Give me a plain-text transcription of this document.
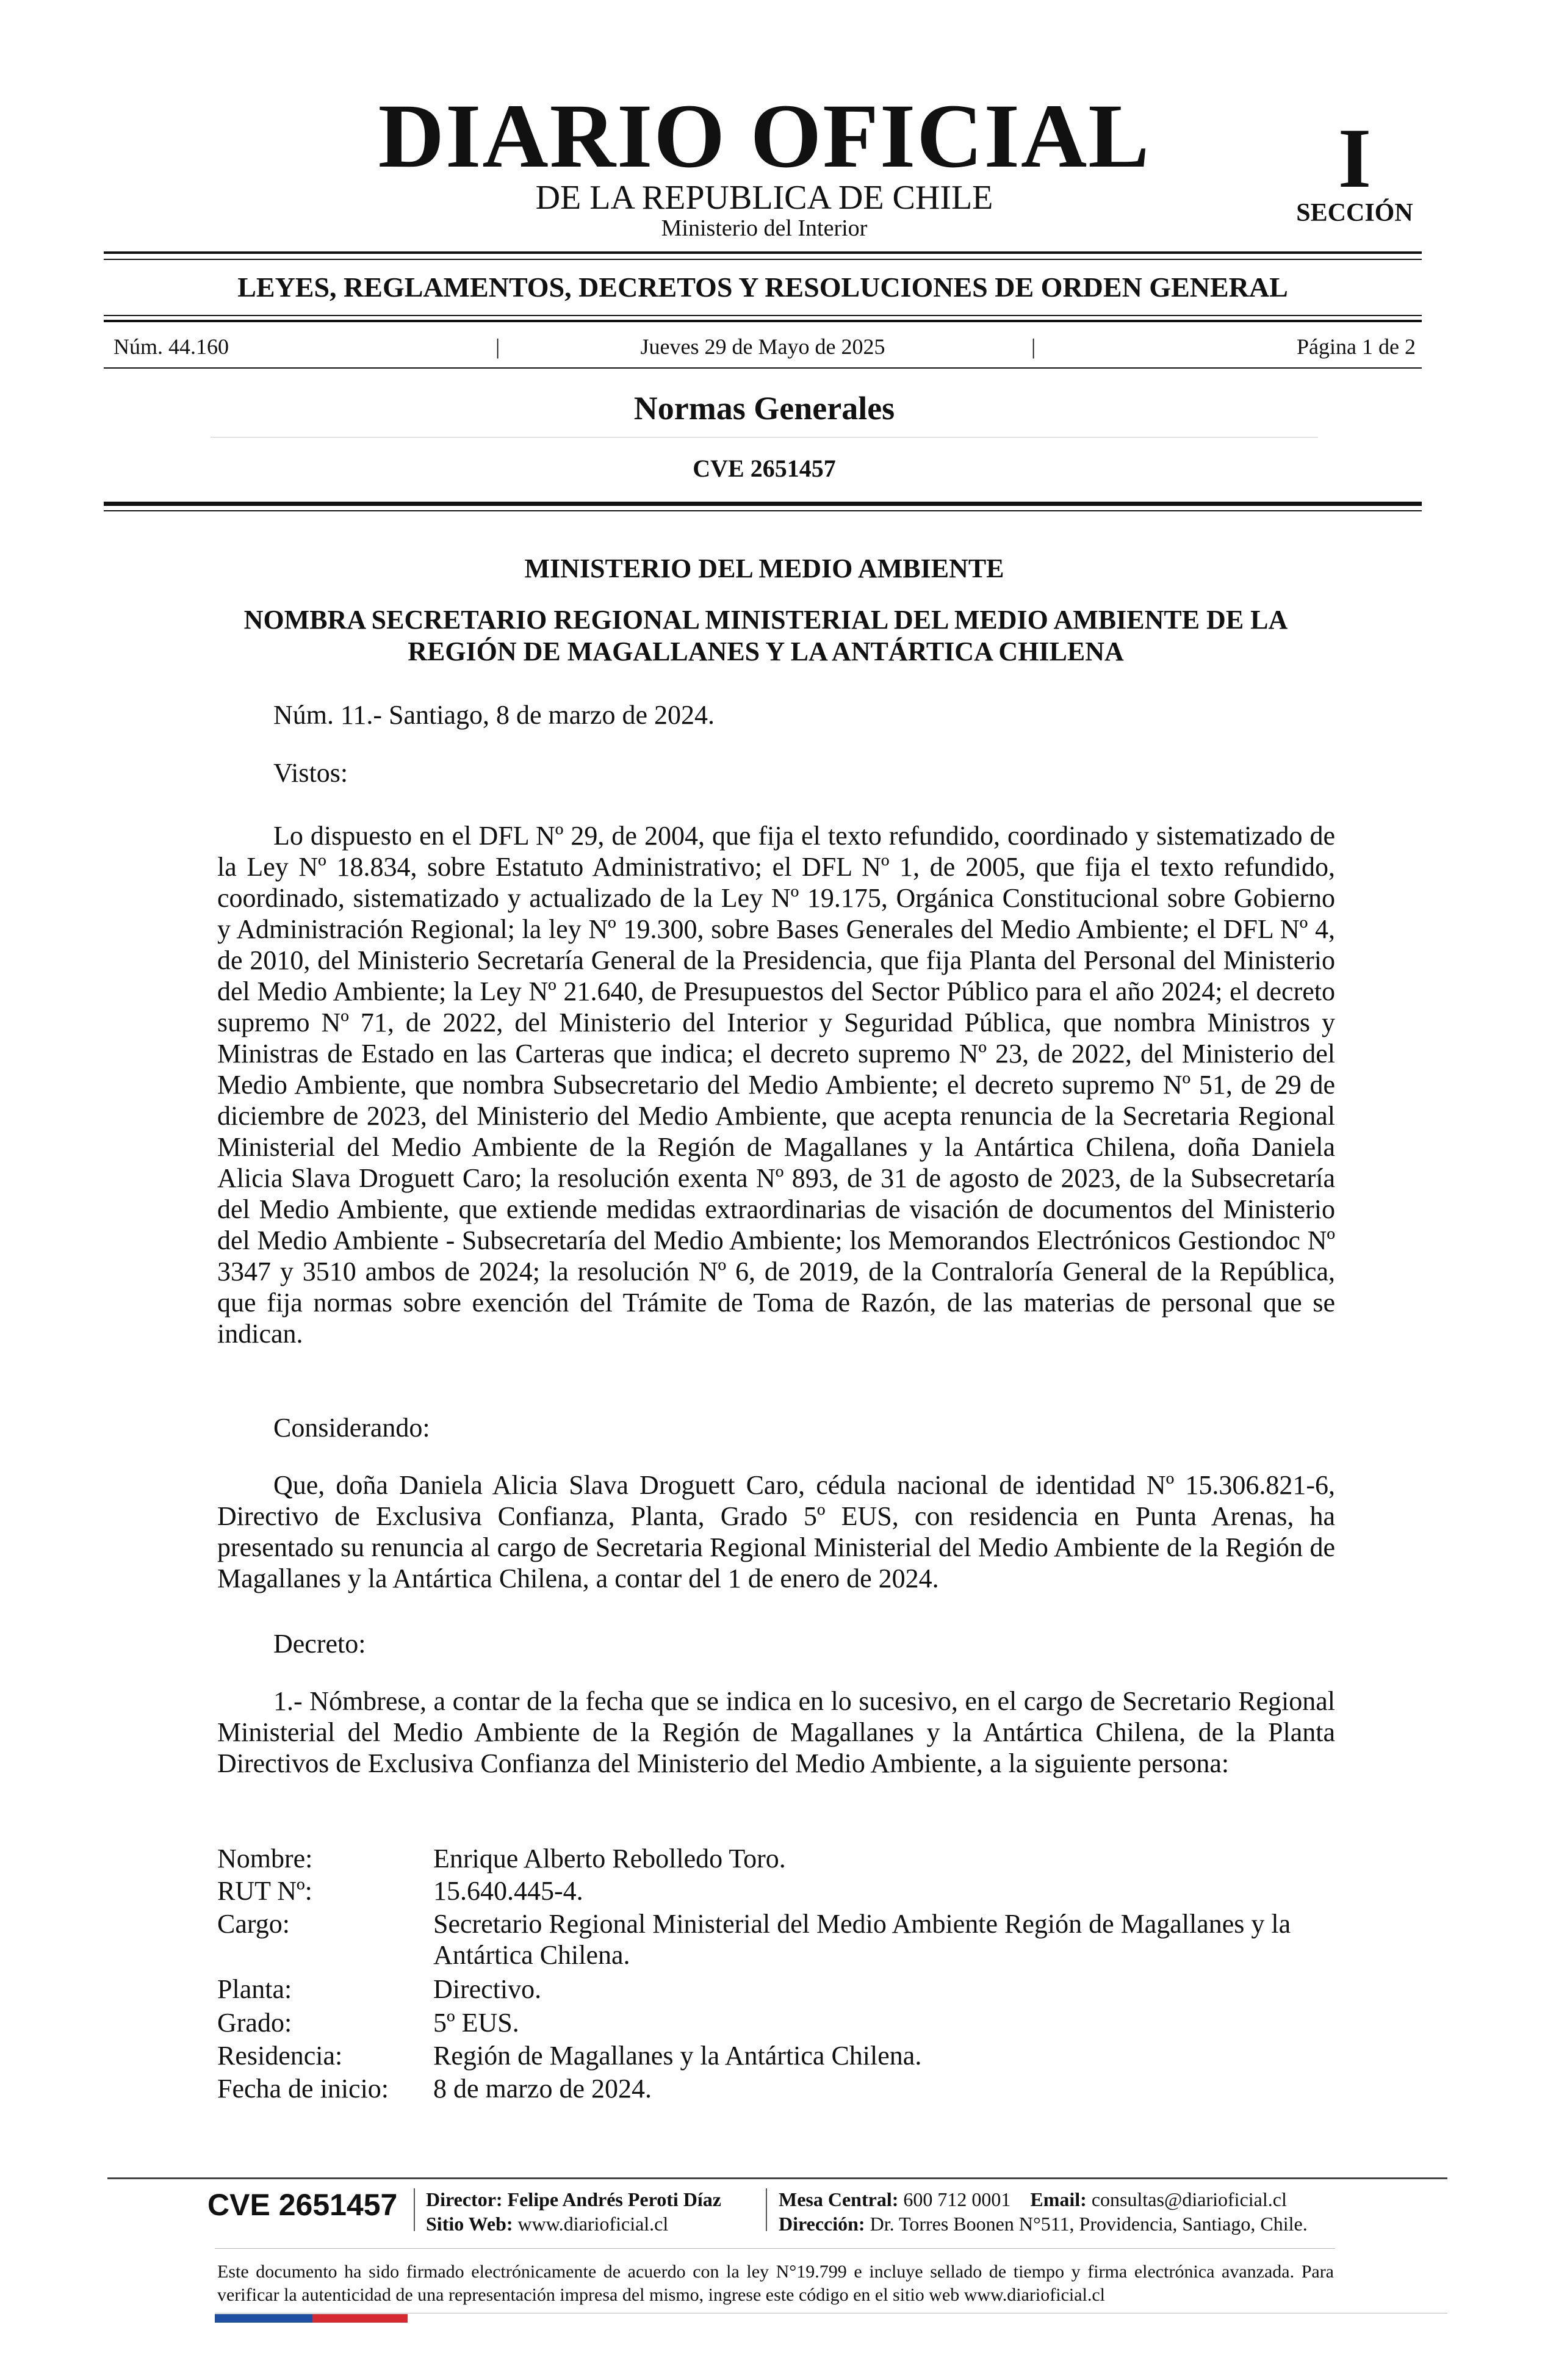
DIARIO OFICIAL
DE LA REPUBLICA DE CHILE
Ministerio del Interior
I
SECCIÓN
LEYES, REGLAMENTOS, DECRETOS Y RESOLUCIONES DE ORDEN GENERAL
Núm. 44.160	|	Jueves 29 de Mayo de 2025	|	Página 1 de 2
Normas Generales
CVE 2651457
MINISTERIO DEL MEDIO AMBIENTE
NOMBRA SECRETARIO REGIONAL MINISTERIAL DEL MEDIO AMBIENTE DE LA REGIÓN DE MAGALLANES Y LA ANTÁRTICA CHILENA
Núm. 11.- Santiago, 8 de marzo de 2024.
Vistos:
Lo dispuesto en el DFL Nº 29, de 2004, que fija el texto refundido, coordinado y sistematizado de la Ley Nº 18.834, sobre Estatuto Administrativo; el DFL Nº 1, de 2005, que fija el texto refundido, coordinado, sistematizado y actualizado de la Ley Nº 19.175, Orgánica Constitucional sobre Gobierno y Administración Regional; la ley Nº 19.300, sobre Bases Generales del Medio Ambiente; el DFL Nº 4, de 2010, del Ministerio Secretaría General de la Presidencia, que fija Planta del Personal del Ministerio del Medio Ambiente; la Ley Nº 21.640, de Presupuestos del Sector Público para el año 2024; el decreto supremo Nº 71, de 2022, del Ministerio del Interior y Seguridad Pública, que nombra Ministros y Ministras de Estado en las Carteras que indica; el decreto supremo Nº 23, de 2022, del Ministerio del Medio Ambiente, que nombra Subsecretario del Medio Ambiente; el decreto supremo Nº 51, de 29 de diciembre de 2023, del Ministerio del Medio Ambiente, que acepta renuncia de la Secretaria Regional Ministerial del Medio Ambiente de la Región de Magallanes y la Antártica Chilena, doña Daniela Alicia Slava Droguett Caro; la resolución exenta Nº 893, de 31 de agosto de 2023, de la Subsecretaría del Medio Ambiente, que extiende medidas extraordinarias de visación de documentos del Ministerio del Medio Ambiente - Subsecretaría del Medio Ambiente; los Memorandos Electrónicos Gestiondoc Nº 3347 y 3510 ambos de 2024; la resolución Nº 6, de 2019, de la Contraloría General de la República, que fija normas sobre exención del Trámite de Toma de Razón, de las materias de personal que se indican.
Considerando:
Que, doña Daniela Alicia Slava Droguett Caro, cédula nacional de identidad Nº 15.306.821-6, Directivo de Exclusiva Confianza, Planta, Grado 5º EUS, con residencia en Punta Arenas, ha presentado su renuncia al cargo de Secretaria Regional Ministerial del Medio Ambiente de la Región de Magallanes y la Antártica Chilena, a contar del 1 de enero de 2024.
Decreto:
1.- Nómbrese, a contar de la fecha que se indica en lo sucesivo, en el cargo de Secretario Regional Ministerial del Medio Ambiente de la Región de Magallanes y la Antártica Chilena, de la Planta Directivos de Exclusiva Confianza del Ministerio del Medio Ambiente, a la siguiente persona:
Nombre:	Enrique Alberto Rebolledo Toro.
RUT Nº:	15.640.445-4.
Cargo:	Secretario Regional Ministerial del Medio Ambiente Región de Magallanes y la Antártica Chilena.
Planta:	Directivo.
Grado:	5º EUS.
Residencia:	Región de Magallanes y la Antártica Chilena.
Fecha de inicio:	8 de marzo de 2024.
CVE 2651457 Director: Felipe Andrés Peroti Díaz
Sitio Web: www.diarioficial.cl
Mesa Central: 600 712 0001 Email: consultas@diarioficial.cl
Dirección: Dr. Torres Boonen N°511, Providencia, Santiago, Chile.
Este documento ha sido firmado electrónicamente de acuerdo con la ley N°19.799 e incluye sellado de tiempo y firma electrónica avanzada. Para verificar la autenticidad de una representación impresa del mismo, ingrese este código en el sitio web www.diarioficial.cl
